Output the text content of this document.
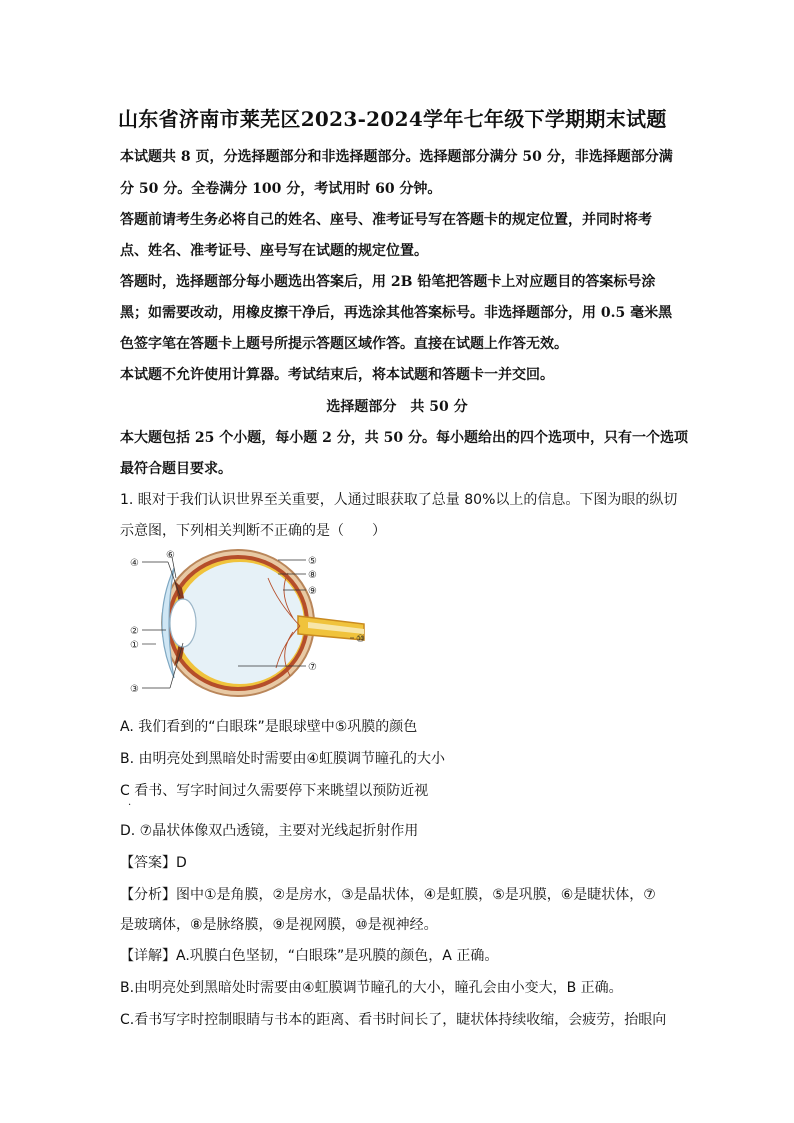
山东省济南市莱芜区2023-2024学年七年级下学期期末试题
本试题共 8 页，分选择题部分和非选择题部分。选择题部分满分 50 分，非选择题部分满
分 50 分。全卷满分 100 分，考试用时 60 分钟。
答题前请考生务必将自己的姓名、座号、准考证号写在答题卡的规定位置，并同时将考
点、姓名、准考证号、座号写在试题的规定位置。
答题时，选择题部分每小题选出答案后，用 2B 铅笔把答题卡上对应题目的答案标号涂
黑；如需要改动，用橡皮擦干净后，再选涂其他答案标号。非选择题部分，用 0.5 毫米黑
色签字笔在答题卡上题号所提示答题区域作答。直接在试题上作答无效。
本试题不允许使用计算器。考试结束后，将本试题和答题卡一并交回。
选择题部分　共 50 分
本大题包括 25 个小题，每小题 2 分，共 50 分。每小题给出的四个选项中，只有一个选项
最符合题目要求。
1. 眼对于我们认识世界至关重要，人通过眼获取了总量 80%以上的信息。下图为眼的纵切
示意图，下列相关判断不正确的是（　　）
④
⑥
②
①
③
⑤
⑧
⑨
⑦
⑩
A. 我们看到的“白眼珠”是眼球壁中⑤巩膜的颜色
B. 由明亮处到黑暗处时需要由④虹膜调节瞳孔的大小
C 看书、写字时间过久需要停下来眺望以预防近视
.
D. ⑦晶状体像双凸透镜，主要对光线起折射作用
【答案】D
【分析】图中①是角膜，②是房水，③是晶状体，④是虹膜，⑤是巩膜，⑥是睫状体，⑦
是玻璃体，⑧是脉络膜，⑨是视网膜，⑩是视神经。
【详解】A.巩膜白色坚韧，“白眼珠”是巩膜的颜色，A 正确。
B.由明亮处到黑暗处时需要由④虹膜调节瞳孔的大小，瞳孔会由小变大，B 正确。
C.看书写字时控制眼睛与书本的距离、看书时间长了，睫状体持续收缩，会疲劳，抬眼向
